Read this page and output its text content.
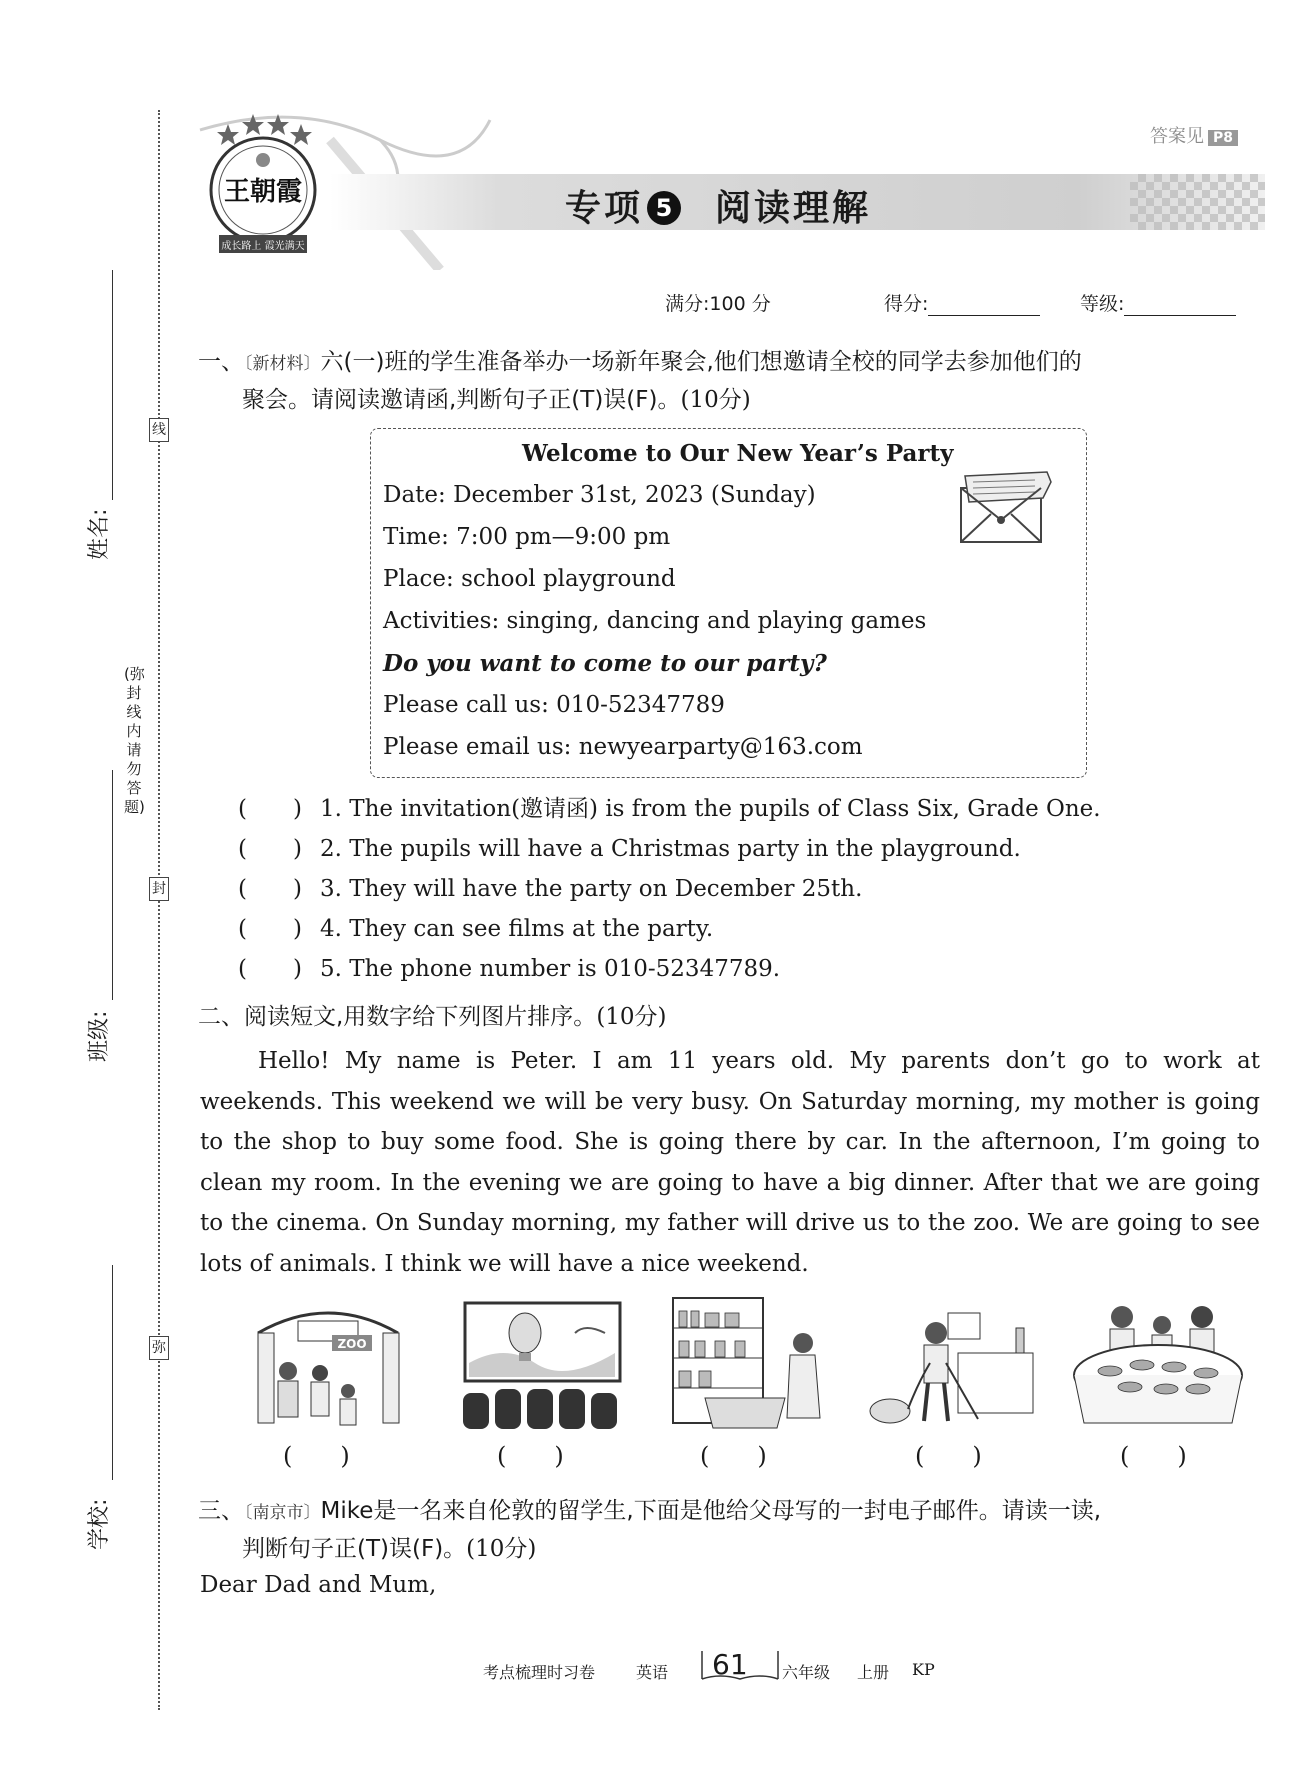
线
封
弥
姓名:
班级:
学校:
(弥封线内请勿答题)
王朝霞
成长路上 霞光满天
答案见 P8
专项 5 阅读理解
满分:100 分	得分:	等级:
一、〔新材料〕六(一)班的学生准备举办一场新年聚会,他们想邀请全校的同学去参加他们的
聚会。请阅读邀请函,判断句子正(T)误(F)。(10分)
Welcome to Our New Year’s Party
Date: December 31st, 2023 (Sunday)
Time: 7:00 pm—9:00 pm
Place: school playground
Activities: singing, dancing and playing games
Do you want to come to our party?
Please call us: 010-52347789
Please email us: newyearparty@163.com
(　　) 1. The invitation(邀请函) is from the pupils of Class Six, Grade One.
(　　) 2. The pupils will have a Christmas party in the playground.
(　　) 3. They will have the party on December 25th.
(　　) 4. They can see films at the party.
(　　) 5. The phone number is 010-52347789.
二、阅读短文,用数字给下列图片排序。(10分)

Hello! My name is Peter. I am 11 years old. My parents don’t go to work at weekends. This weekend we will be very busy. On Saturday morning, my mother is going to the shop to buy some food. She is going there by car. In the afternoon, I’m going to clean my room. In the evening we are going to have a big dinner. After that we are going to the cinema. On Sunday morning, my father will drive us to the zoo. We are going to see lots of animals. I think we will have a nice weekend.

ZOO
(　　)	(　　)	(　　)	(　　)	(　　)
三、〔南京市〕Mike是一名来自伦敦的留学生,下面是他给父母写的一封电子邮件。请读一读,
判断句子正(T)误(F)。(10分)
Dear Dad and Mum,
考点梳理时习卷	英语 61 六年级 上册 KP
